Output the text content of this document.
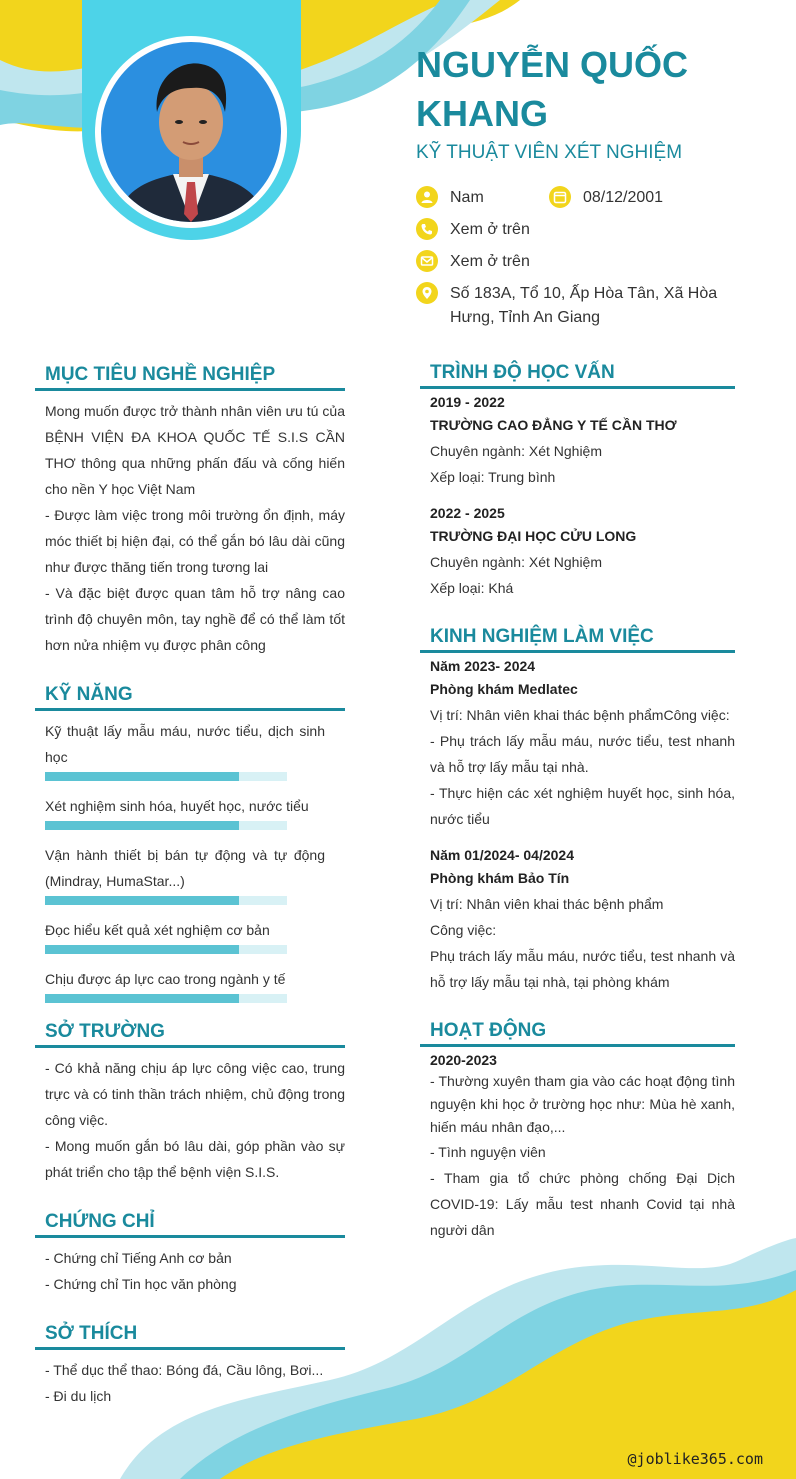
NGUYỄN QUỐC KHANG
KỸ THUẬT VIÊN XÉT NGHIỆM
Nam	08/12/2001
Xem ở trên
Xem ở trên
Số 183A, Tổ 10, Ấp Hòa Tân, Xã Hòa Hưng, Tỉnh An Giang
MỤC TIÊU NGHỀ NGHIỆP

Mong muốn được trở thành nhân viên ưu tú của BỆNH VIỆN ĐA KHOA QUỐC TẾ S.I.S CẦN THƠ thông qua những phấn đấu và cống hiến cho nền Y học Việt Nam

- Được làm việc trong môi trường ổn định, máy móc thiết bị hiện đại, có thể gắn bó lâu dài cũng như được thăng tiến trong tương lai

- Và đặc biệt được quan tâm hỗ trợ nâng cao trình độ chuyên môn, tay nghề để có thể làm tốt hơn nửa nhiệm vụ được phân công

KỸ NĂNG
Kỹ thuật lấy mẫu máu, nước tiểu, dịch sinh học
Xét nghiệm sinh hóa, huyết học, nước tiểu
Vận hành thiết bị bán tự động và tự động (Mindray, HumaStar...)
Đọc hiểu kết quả xét nghiệm cơ bản
Chịu được áp lực cao trong ngành y tế
SỞ TRƯỜNG

- Có khả năng chịu áp lực công việc cao, trung trực và có tinh thần trách nhiệm, chủ động trong công việc.

- Mong muốn gắn bó lâu dài, góp phần vào sự phát triển cho tập thể bệnh viện S.I.S.

CHỨNG CHỈ

- Chứng chỉ Tiếng Anh cơ bản

- Chứng chỉ Tin học văn phòng

SỞ THÍCH

- Thể dục thể thao: Bóng đá, Cầu lông, Bơi...

- Đi du lịch

TRÌNH ĐỘ HỌC VẤN
2019 - 2022
TRƯỜNG CAO ĐẲNG Y TẾ CẦN THƠ
Chuyên ngành: Xét Nghiệm
Xếp loại: Trung bình
2022 - 2025
TRƯỜNG ĐẠI HỌC CỬU LONG
Chuyên ngành: Xét Nghiệm
Xếp loại: Khá
KINH NGHIỆM LÀM VIỆC
Năm 2023- 2024
Phòng khám Medlatec
Vị trí: Nhân viên khai thác bệnh phẩmCông việc:
- Phụ trách lấy mẫu máu, nước tiểu, test nhanh và hỗ trợ lấy mẫu tại nhà.
- Thực hiện các xét nghiệm huyết học, sinh hóa, nước tiểu
Năm 01/2024- 04/2024
Phòng khám Bảo Tín
Vị trí: Nhân viên khai thác bệnh phẩm
Công việc:
Phụ trách lấy mẫu máu, nước tiểu, test nhanh và hỗ trợ lấy mẫu tại nhà, tại phòng khám
HOẠT ĐỘNG
2020-2023
- Thường xuyên tham gia vào các hoạt động tình nguyện khi học ở trường học như: Mùa hè xanh, hiến máu nhân đạo,...
- Tình nguyện viên
- Tham gia tổ chức phòng chống Đại Dịch COVID-19: Lấy mẫu test nhanh Covid tại nhà người dân
@joblike365.com
